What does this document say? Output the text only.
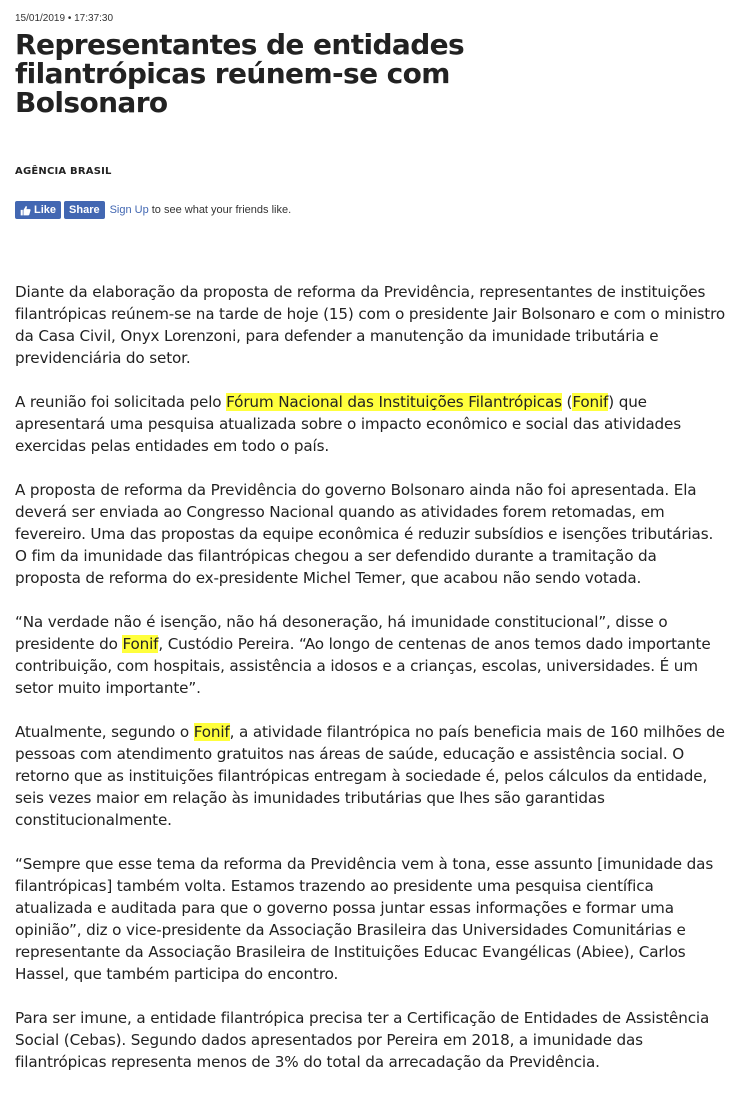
15/01/2019 • 17:37:30
Representantes de entidades
filantrópicas reúnem-se com
Bolsonaro
AGÊNCIA BRASIL
Like	Share Sign Up to see what your friends like.

Diante da elaboração da proposta de reforma da Previdência, representantes de instituições filantrópicas reúnem-se na tarde de hoje (15) com o presidente Jair Bolsonaro e com o ministro da Casa Civil, Onyx Lorenzoni, para defender a manutenção da imunidade tributária e previdenciária do setor.

A reunião foi solicitada pelo Fórum Nacional das Instituições Filantrópicas (Fonif) que apresentará uma pesquisa atualizada sobre o impacto econômico e social das atividades exercidas pelas entidades em todo o país.

A proposta de reforma da Previdência do governo Bolsonaro ainda não foi apresentada. Ela deverá ser enviada ao Congresso Nacional quando as atividades forem retomadas, em fevereiro. Uma das propostas da equipe econômica é reduzir subsídios e isenções tributárias. O fim da imunidade das filantrópicas chegou a ser defendido durante a tramitação da proposta de reforma do ex-presidente Michel Temer, que acabou não sendo votada.

“Na verdade não é isenção, não há desoneração, há imunidade constitucional”, disse o presidente do Fonif, Custódio Pereira. “Ao longo de centenas de anos temos dado importante contribuição, com hospitais, assistência a idosos e a crianças, escolas, universidades. É um setor muito importante”.

Atualmente, segundo o Fonif, a atividade filantrópica no país beneficia mais de 160 milhões de pessoas com atendimento gratuitos nas áreas de saúde, educação e assistência social. O retorno que as instituições filantrópicas entregam à sociedade é, pelos cálculos da entidade, seis vezes maior em relação às imunidades tributárias que lhes são garantidas constitucionalmente.

“Sempre que esse tema da reforma da Previdência vem à tona, esse assunto [imunidade das filantrópicas] também volta. Estamos trazendo ao presidente uma pesquisa científica atualizada e auditada para que o governo possa juntar essas informações e formar uma opinião”, diz o vice-presidente da Associação Brasileira das Universidades Comunitárias e representante da Associação Brasileira de Instituições Educac Evangélicas (Abiee), Carlos Hassel, que também participa do encontro.

Para ser imune, a entidade filantrópica precisa ter a Certificação de Entidades de Assistência Social (Cebas). Segundo dados apresentados por Pereira em 2018, a imunidade das filantrópicas representa menos de 3% do total da arrecadação da Previdência.
